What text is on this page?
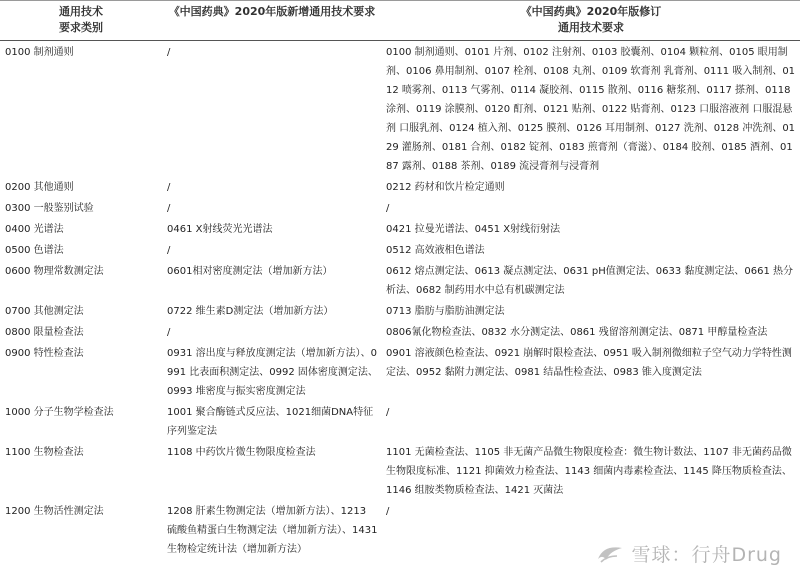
通用技术
要求类别	《中国药典》2020年版新增通用技术要求	《中国药典》2020年版修订
通用技术要求

0100 制剂通则	/	0100 制剂通则、0101 片剂、0102 注射剂、0103 胶囊剂、0104 颗粒剂、0105 眼用制剂、0106 鼻用制剂、0107 栓剂、0108 丸剂、0109 软膏剂 乳膏剂、0111 吸入制剂、0112 喷雾剂、0113 气雾剂、0114 凝胶剂、0115 散剂、0116 糖浆剂、0117 搽剂、0118 涂剂、0119 涂膜剂、0120 酊剂、0121 贴剂、0122 贴膏剂、0123 口服溶液剂 口服混悬剂 口服乳剂、0124 植入剂、0125 膜剂、0126 耳用制剂、0127 洗剂、0128 冲洗剂、0129 灌肠剂、0181 合剂、0182 锭剂、0183 煎膏剂（膏滋）、0184 胶剂、0185 酒剂、0187 露剂、0188 茶剂、0189 流浸膏剂与浸膏剂
0200 其他通则	/	0212 药材和饮片检定通则
0300 一般鉴别试验	/	/
0400 光谱法	0461 X射线荧光光谱法	0421 拉曼光谱法、0451 X射线衍射法
0500 色谱法	/	0512 高效液相色谱法
0600 物理常数测定法	0601相对密度测定法（增加新方法）	0612 熔点测定法、0613 凝点测定法、0631 pH值测定法、0633 黏度测定法、0661 热分析法、0682 制药用水中总有机碳测定法
0700 其他测定法	0722 维生素D测定法（增加新方法）	0713 脂肪与脂肪油测定法
0800 限量检查法	/	0806氰化物检查法、0832 水分测定法、0861 残留溶剂测定法、0871 甲醇量检查法
0900 特性检查法	0931 溶出度与释放度测定法（增加新方法）、0991 比表面积测定法、0992 固体密度测定法、0993 堆密度与振实密度测定法	0901 溶液颜色检查法、0921 崩解时限检查法、0951 吸入制剂微细粒子空气动力学特性测定法、0952 黏附力测定法、0981 结晶性检查法、0983 锥入度测定法
1000 分子生物学检查法	1001 聚合酶链式反应法、1021细菌DNA特征序列鉴定法	/
1100 生物检查法	1108 中药饮片微生物限度检查法	1101 无菌检查法、1105 非无菌产品微生物限度检查：微生物计数法、1107 非无菌药品微生物限度标准、1121 抑菌效力检查法、1143 细菌内毒素检查法、1145 降压物质检查法、1146 组胺类物质检查法、1421 灭菌法
1200 生物活性测定法	1208 肝素生物测定法（增加新方法）、1213 硫酸鱼精蛋白生物测定法（增加新方法）、1431 生物检定统计法（增加新方法）	/
雪球：行舟Drug
